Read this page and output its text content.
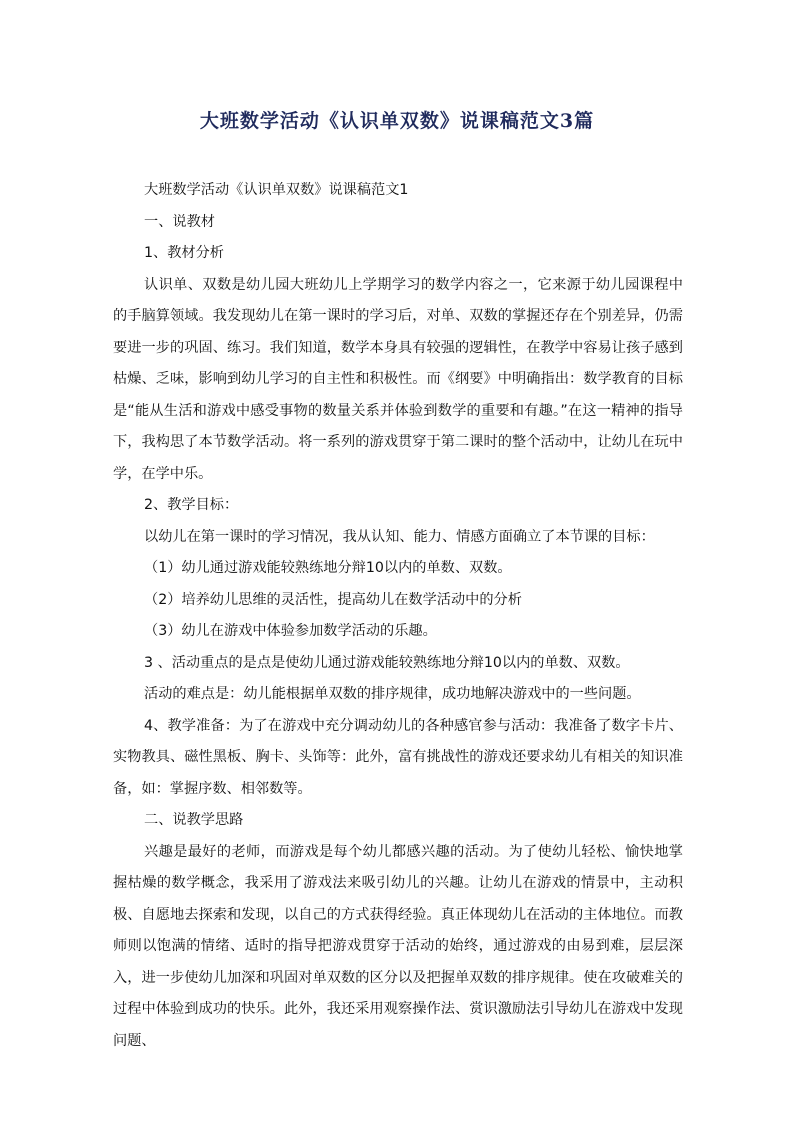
大班数学活动《认识单双数》说课稿范文3篇

大班数学活动《认识单双数》说课稿范文1

一、说教材

1、教材分析

认识单、双数是幼儿园大班幼儿上学期学习的数学内容之一，它来源于幼儿园课程中的手脑算领域。我发现幼儿在第一课时的学习后，对单、双数的掌握还存在个别差异，仍需要进一步的巩固、练习。我们知道，数学本身具有较强的逻辑性，在教学中容易让孩子感到枯燥、乏味，影响到幼儿学习的自主性和积极性。而《纲要》中明确指出：数学教育的目标是“能从生活和游戏中感受事物的数量关系并体验到数学的重要和有趣。”在这一精神的指导下，我构思了本节数学活动。将一系列的游戏贯穿于第二课时的整个活动中，让幼儿在玩中学，在学中乐。

2、教学目标：

以幼儿在第一课时的学习情况，我从认知、能力、情感方面确立了本节课的目标：

（1）幼儿通过游戏能较熟练地分辩10以内的单数、双数。

（2）培养幼儿思维的灵活性，提高幼儿在数学活动中的分析

（3）幼儿在游戏中体验参加数学活动的乐趣。

3 、活动重点的是点是使幼儿通过游戏能较熟练地分辩10以内的单数、双数。

活动的难点是：幼儿能根据单双数的排序规律，成功地解决游戏中的一些问题。

4、教学准备：为了在游戏中充分调动幼儿的各种感官参与活动：我准备了数字卡片、实物教具、磁性黑板、胸卡、头饰等：此外，富有挑战性的游戏还要求幼儿有相关的知识准备，如：掌握序数、相邻数等。

二、说教学思路

兴趣是最好的老师，而游戏是每个幼儿都感兴趣的活动。为了使幼儿轻松、愉快地掌握枯燥的数学概念，我采用了游戏法来吸引幼儿的兴趣。让幼儿在游戏的情景中，主动积极、自愿地去探索和发现，以自己的方式获得经验。真正体现幼儿在活动的主体地位。而教师则以饱满的情绪、适时的指导把游戏贯穿于活动的始终，通过游戏的由易到难，层层深入，进一步使幼儿加深和巩固对单双数的区分以及把握单双数的排序规律。使在攻破难关的过程中体验到成功的快乐。此外，我还采用观察操作法、赏识激励法引导幼儿在游戏中发现问题、
